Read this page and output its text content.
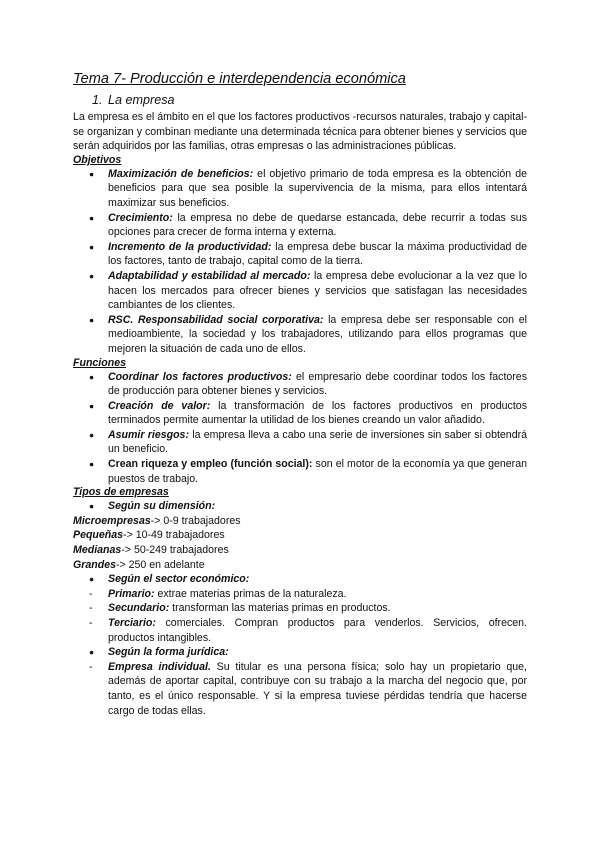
Tema 7- Producción e interdependencia económica
1. La empresa

La empresa es el ámbito en el que los factores productivos -recursos naturales, trabajo y capital- se organizan y combinan mediante una determinada técnica para obtener bienes y servicios que serán adquiridos por las familias, otras empresas o las administraciones públicas.

Objetivos

● Maximización de beneficios: el objetivo primario de toda empresa es la obtención de beneficios para que sea posible la supervivencia de la misma, para ellos intentará maximizar sus beneficios.
● Crecimiento: la empresa no debe de quedarse estancada, debe recurrir a todas sus opciones para crecer de forma interna y externa.
● Incremento de la productividad: la empresa debe buscar la máxima productividad de los factores, tanto de trabajo, capital como de la tierra.
● Adaptabilidad y estabilidad al mercado: la empresa debe evolucionar a la vez que lo hacen los mercados para ofrecer bienes y servicios que satisfagan las necesidades cambiantes de los clientes.
● RSC. Responsabilidad social corporativa: la empresa debe ser responsable con el medioambiente, la sociedad y los trabajadores, utilizando para ellos programas que mejoren la situación de cada uno de ellos.

Funciones

● Coordinar los factores productivos: el empresario debe coordinar todos los factores de producción para obtener bienes y servicios.
● Creación de valor: la transformación de los factores productivos en productos terminados permite aumentar la utilidad de los bienes creando un valor añadido.
● Asumir riesgos: la empresa lleva a cabo una serie de inversiones sin saber si obtendrá un beneficio.
● Crean riqueza y empleo (función social): son el motor de la economía ya que generan puestos de trabajo.

Tipos de empresas

● Según su dimensión:

Microempresas-> 0-9 trabajadores

Pequeñas-> 10-49 trabajadores

Medianas-> 50-249 trabajadores

Grandes-> 250 en adelante

● Según el sector económico:
- Primario: extrae materias primas de la naturaleza.
- Secundario: transforman las materias primas en productos.
- Terciario: comerciales. Compran productos para venderlos. Servicios, ofrecen. productos intangibles.
● Según la forma jurídica:
- Empresa individual. Su titular es una persona física; solo hay un propietario que, además de aportar capital, contribuye con su trabajo a la marcha del negocio que, por tanto, es el único responsable. Y si la empresa tuviese pérdidas tendría que hacerse cargo de todas ellas.
